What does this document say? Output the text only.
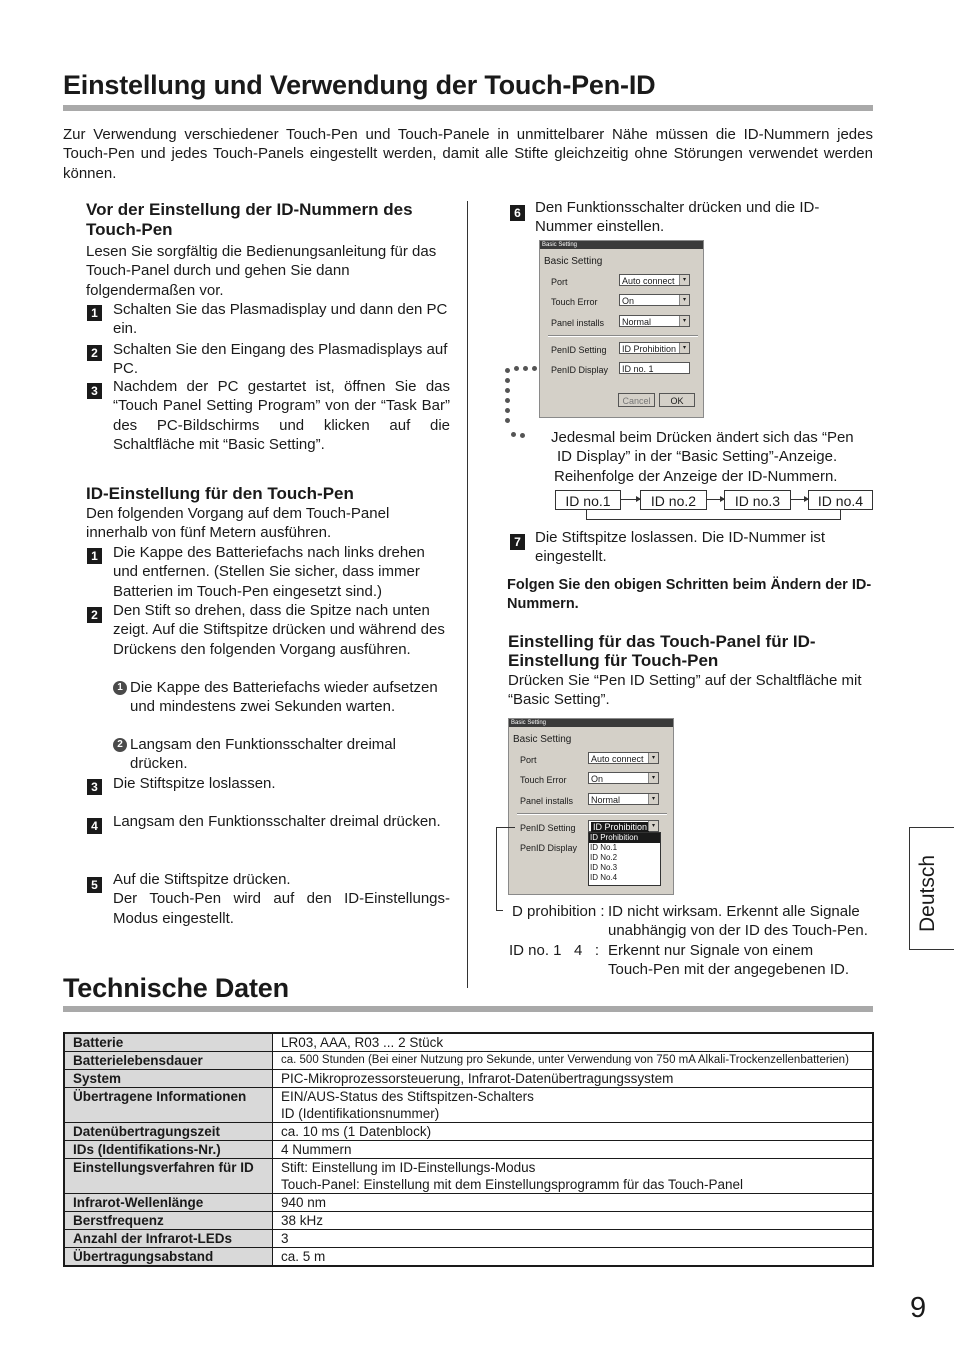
Einstellung und Verwendung der Touch-Pen-ID
Zur Verwendung verschiedener Touch-Pen und Touch-Panele in unmittelbarer Nähe müssen die ID-Nummern jedes Touch-Pen und jedes Touch-Panels eingestellt werden, damit alle Stifte gleichzeitig ohne Störungen verwendet werden können.
Vor der Einstellung der ID-Nummern des Touch-Pen
Lesen Sie sorgfältig die Bedienungsanleitung für das Touch-Panel durch und gehen Sie dann folgendermaßen vor.
1 Schalten Sie das Plasmadisplay und dann den PC ein.
2 Schalten Sie den Eingang des Plasmadisplays auf PC.
3 Nachdem der PC gestartet ist, öffnen Sie das “Touch Panel Setting Program” von der “Task Bar” des PC-Bildschirms und klicken auf die Schaltfläche mit “Basic Setting”.
ID-Einstellung für den Touch-Pen
Den folgenden Vorgang auf dem Touch-Panel innerhalb von fünf Metern ausführen.
1 Die Kappe des Batteriefachs nach links drehen und entfernen. (Stellen Sie sicher, dass immer Batterien im Touch-Pen eingesetzt sind.)
2 Den Stift so drehen, dass die Spitze nach unten zeigt. Auf die Stiftspitze drücken und während des Drückens den folgenden Vorgang ausführen.
1 Die Kappe des Batteriefachs wieder aufsetzen und mindestens zwei Sekunden warten.
2 Langsam den Funktionsschalter dreimal drücken.
3 Die Stiftspitze loslassen.
4 Langsam den Funktionsschalter dreimal drücken.
5 Auf die Stiftspitze drücken.
Der Touch-Pen wird auf den ID-Einstellungs-Modus eingestellt.
6 Den Funktionsschalter drücken und die ID-Nummer einstellen.
Basic Setting
Basic Setting
Port	Auto connect	▾
Touch Error	On	▾
Panel installs	Normal	▾
PenID Setting	ID Prohibition	▾
PenID Display	ID no. 1
Cancel	OK
Jedesmal beim Drücken ändert sich das “Pen
ID Display” in der “Basic Setting”-Anzeige.
Reihenfolge der Anzeige der ID-Nummern.
ID no.1	ID no.2	ID no.3	ID no.4
7 Die Stiftspitze loslassen. Die ID-Nummer ist eingestellt.
Folgen Sie den obigen Schritten beim Ändern der ID-Nummern.
Einstelling für das Touch-Panel für ID-Einstellung für Touch-Pen
Drücken Sie “Pen ID Setting” auf der Schaltfläche mit “Basic Setting”.
Basic Setting
Basic Setting
Port	Auto connect	▾
Touch Error	On	▾
Panel installs	Normal	▾
PenID Setting	ID Prohibition ▾
PenID Display
ID Prohibition
ID No.1
ID No.2
ID No.3
ID No.4
D prohibition : ID nicht wirksam. Erkennt alle Signale
unabhängig von der ID des Touch-Pen.
ID no. 1   4   : Erkennt nur Signale von einem
Touch-Pen mit der angegebenen ID.
Deutsch
Technische Daten
Batterie	LR03, AAA, R03 ... 2 Stück

Batterielebensdauer	ca. 500 Stunden (Bei einer Nutzung pro Sekunde, unter Verwendung von 750 mA Alkali-Trockenzellenbatterien)

System	PIC-Mikroprozessorsteuerung, Infrarot-Datenübertragungssystem

Übertragene Informationen	EIN/AUS-Status des Stiftspitzen-Schalters
ID (Identifikationsnummer)

Datenübertragungszeit	ca. 10 ms (1 Datenblock)

IDs (Identifikations-Nr.)	4 Nummern

Einstellungsverfahren für ID	Stift: Einstellung im ID-Einstellungs-Modus
Touch-Panel: Einstellung mit dem Einstellungsprogramm für das Touch-Panel

Infrarot-Wellenlänge	940 nm

Berstfrequenz	38 kHz

Anzahl der Infrarot-LEDs	3

Übertragungsabstand	ca. 5 m
9
